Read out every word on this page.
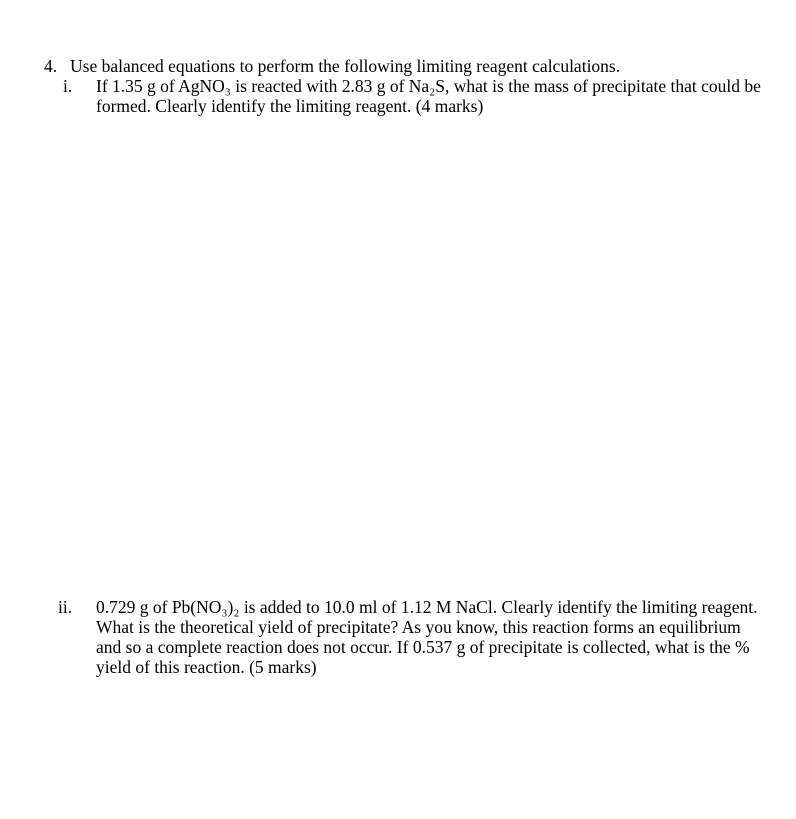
4. Use balanced equations to perform the following limiting reagent calculations.
i. If 1.35 g of AgNO₃ is reacted with 2.83 g of Na₂S, what is the mass of precipitate that could be
formed. Clearly identify the limiting reagent. (4 marks)
ii. 0.729 g of Pb(NO₃)₂ is added to 10.0 ml of 1.12 M NaCl. Clearly identify the limiting reagent.
What is the theoretical yield of precipitate? As you know, this reaction forms an equilibrium
and so a complete reaction does not occur. If 0.537 g of precipitate is collected, what is the %
yield of this reaction. (5 marks)
